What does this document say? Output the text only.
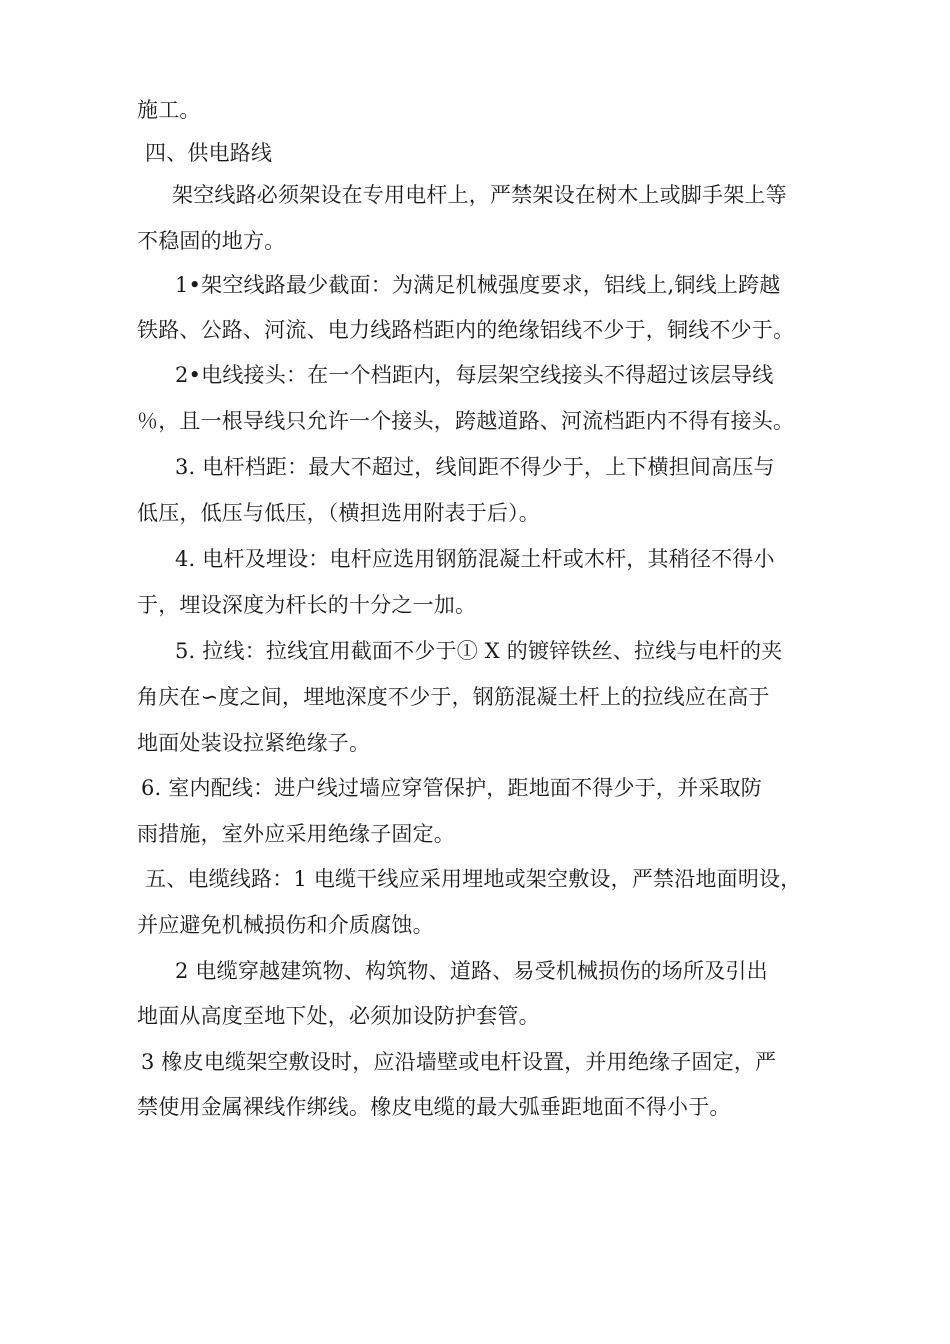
施工。
四、供电路线
架空线路必须架设在专用电杆上，严禁架设在树木上或脚手架上等
不稳固的地方。
1•架空线路最少截面：为满足机械强度要求，铝线上,铜线上跨越
铁路、公路、河流、电力线路档距内的绝缘铝线不少于，铜线不少于。
2•电线接头：在一个档距内，每层架空线接头不得超过该层导线
％，且一根导线只允许一个接头，跨越道路、河流档距内不得有接头。
3. 电杆档距：最大不超过，线间距不得少于，上下横担间高压与
低压，低压与低压，（横担选用附表于后）。
4. 电杆及埋设：电杆应选用钢筋混凝土杆或木杆，其稍径不得小
于，埋设深度为杆长的十分之一加。
5. 拉线：拉线宜用截面不少于① X 的镀锌铁丝、拉线与电杆的夹
角庆在∽度之间，埋地深度不少于，钢筋混凝土杆上的拉线应在高于
地面处装设拉紧绝缘子。
6. 室内配线：进户线过墙应穿管保护，距地面不得少于，并采取防
雨措施，室外应采用绝缘子固定。
五、电缆线路：1 电缆干线应采用埋地或架空敷设，严禁沿地面明设，
并应避免机械损伤和介质腐蚀。
2 电缆穿越建筑物、构筑物、道路、易受机械损伤的场所及引出
地面从高度至地下处，必须加设防护套管。
3 橡皮电缆架空敷设时，应沿墙壁或电杆设置，并用绝缘子固定，严
禁使用金属裸线作绑线。橡皮电缆的最大弧垂距地面不得小于。
